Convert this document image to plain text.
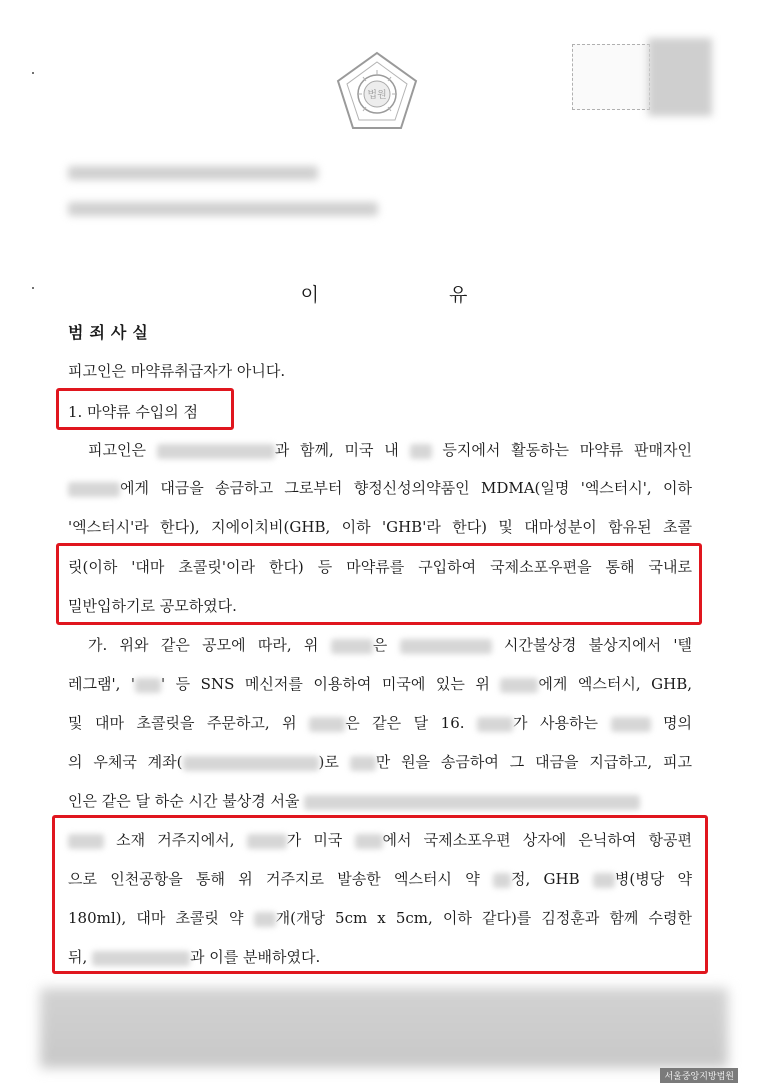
법원
이 유
범죄사실
피고인은 마약류취급자가 아니다.
1. 마약류 수입의 점
피고인은	과 함께, 미국 내	등지에서 활동하는 마약류 판매자인
에게 대금을 송금하고 그로부터 향정신성의약품인 MDMA(일명 '엑스터시', 이하
'엑스터시'라 한다), 지에이치비(GHB, 이하 'GHB'라 한다) 및 대마성분이 함유된 초콜
릿(이하 '대마 초콜릿'이라 한다) 등 마약류를 구입하여 국제소포우편을 통해 국내로
밀반입하기로 공모하였다.
가. 위와 같은 공모에 따라, 위	은	시간불상경 불상지에서 '텔
레그램', ' ' 등 SNS 메신저를 이용하여 미국에 있는 위	에게 엑스터시, GHB,
및 대마 초콜릿을 주문하고, 위	은 같은 달 16.	가 사용하는	명의
의 우체국 계좌(	)로 만 원을 송금하여 그 대금을 지급하고, 피고
인은 같은 달 하순 시간 불상경 서울
소재 거주지에서,	가 미국	에서 국제소포우편 상자에 은닉하여 항공편
으로 인천공항을 통해 위 거주지로 발송한 엑스터시 약 정, GHB 병(병당 약
180ml), 대마 초콜릿 약 개(개당 5cm x 5cm, 이하 같다)를 김정훈과 함께 수령한
뒤,	과 이를 분배하였다.
서울중앙지방법원
